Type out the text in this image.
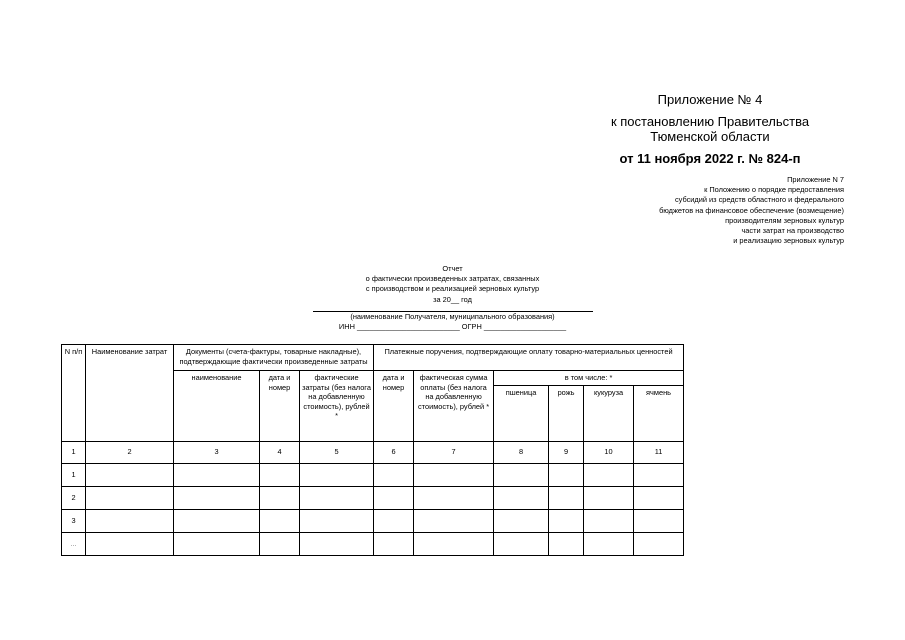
Приложение № 4
к постановлению Правительства
Тюменской области
от 11 ноября 2022 г. № 824-п
Приложение N 7
к Положению о порядке предоставления
субсидий из средств областного и федерального
бюджетов на финансовое обеспечение (возмещение)
производителям зерновых культур
части затрат на производство
и реализацию зерновых культур
Отчет
о фактически произведенных затратах, связанных
с производством и реализацией зерновых культур
за 20__ год
(наименование Получателя, муниципального образования)
ИНН _________________________ ОГРН ____________________
N п/п	Наименование затрат	Документы (счета-фактуры, товарные накладные), подтверждающие фактически произведенные затраты			Платежные поручения, подтверждающие оплату товарно-материальных ценностей					
		наименование	дата и номер	фактические затраты (без налога на добавленную стоимость), рублей *	дата и номер	фактическая сумма оплаты (без налога на добавленную стоимость), рублей *	в том числе: *			
							пшеница	рожь	кукуруза	ячмень
1	2	3	4	5	6	7	8	9	10	11
1										
2										
3										
...										
